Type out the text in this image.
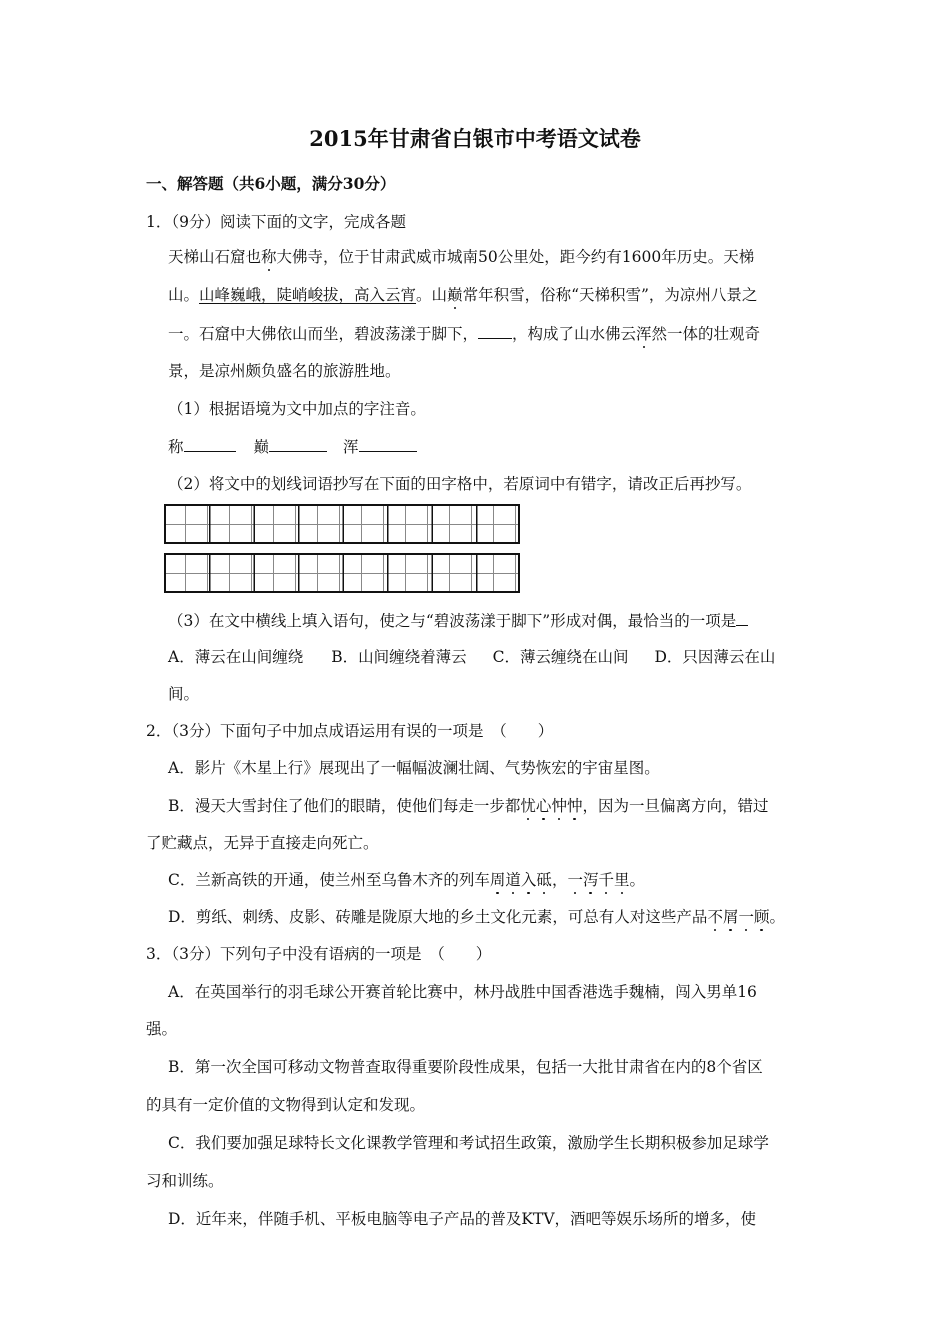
2015年甘肃省白银市中考语文试卷
一、解答题（共6小题，满分30分）
1．（9分）阅读下面的文字，完成各题
天梯山石窟也称大佛寺，位于甘肃武威市城南50公里处，距今约有1600年历史。天梯
山。山峰巍峨，陡峭峻拔，高入云宵。山巅常年积雪，俗称“天梯积雪”，为凉州八景之
一。石窟中大佛依山而坐，碧波荡漾于脚下， ，构成了山水佛云浑然一体的壮观奇
景，是凉州颇负盛名的旅游胜地。
（1）根据语境为文中加点的字注音。
称	巅	浑
（2）将文中的划线词语抄写在下面的田字格中，若原词中有错字，请改正后再抄写。
（3）在文中横线上填入语句，使之与“碧波荡漾于脚下”形成对偶，最恰当的一项是
A．薄云在山间缠绕 B．山间缠绕着薄云 C．薄云缠绕在山间 D．只因薄云在山
间。
2．（3分）下面句子中加点成语运用有误的一项是　（　　）
A．影片《木星上行》展现出了一幅幅波澜壮阔、气势恢宏的宇宙星图。
B．漫天大雪封住了他们的眼睛，使他们每走一步都忧心忡忡，因为一旦偏离方向，错过
了贮藏点，无异于直接走向死亡。
C．兰新高铁的开通，使兰州至乌鲁木齐的列车周道入砥，一泻千里。
D．剪纸、刺绣、皮影、砖雕是陇原大地的乡土文化元素，可总有人对这些产品不屑一顾。
3．（3分）下列句子中没有语病的一项是　（　　）
A．在英国举行的羽毛球公开赛首轮比赛中，林丹战胜中国香港选手魏楠，闯入男单16
强。
B．第一次全国可移动文物普查取得重要阶段性成果，包括一大批甘肃省在内的8个省区
的具有一定价值的文物得到认定和发现。
C．我们要加强足球特长文化课教学管理和考试招生政策，激励学生长期积极参加足球学
习和训练。
D．近年来，伴随手机、平板电脑等电子产品的普及KTV，酒吧等娱乐场所的增多，使
